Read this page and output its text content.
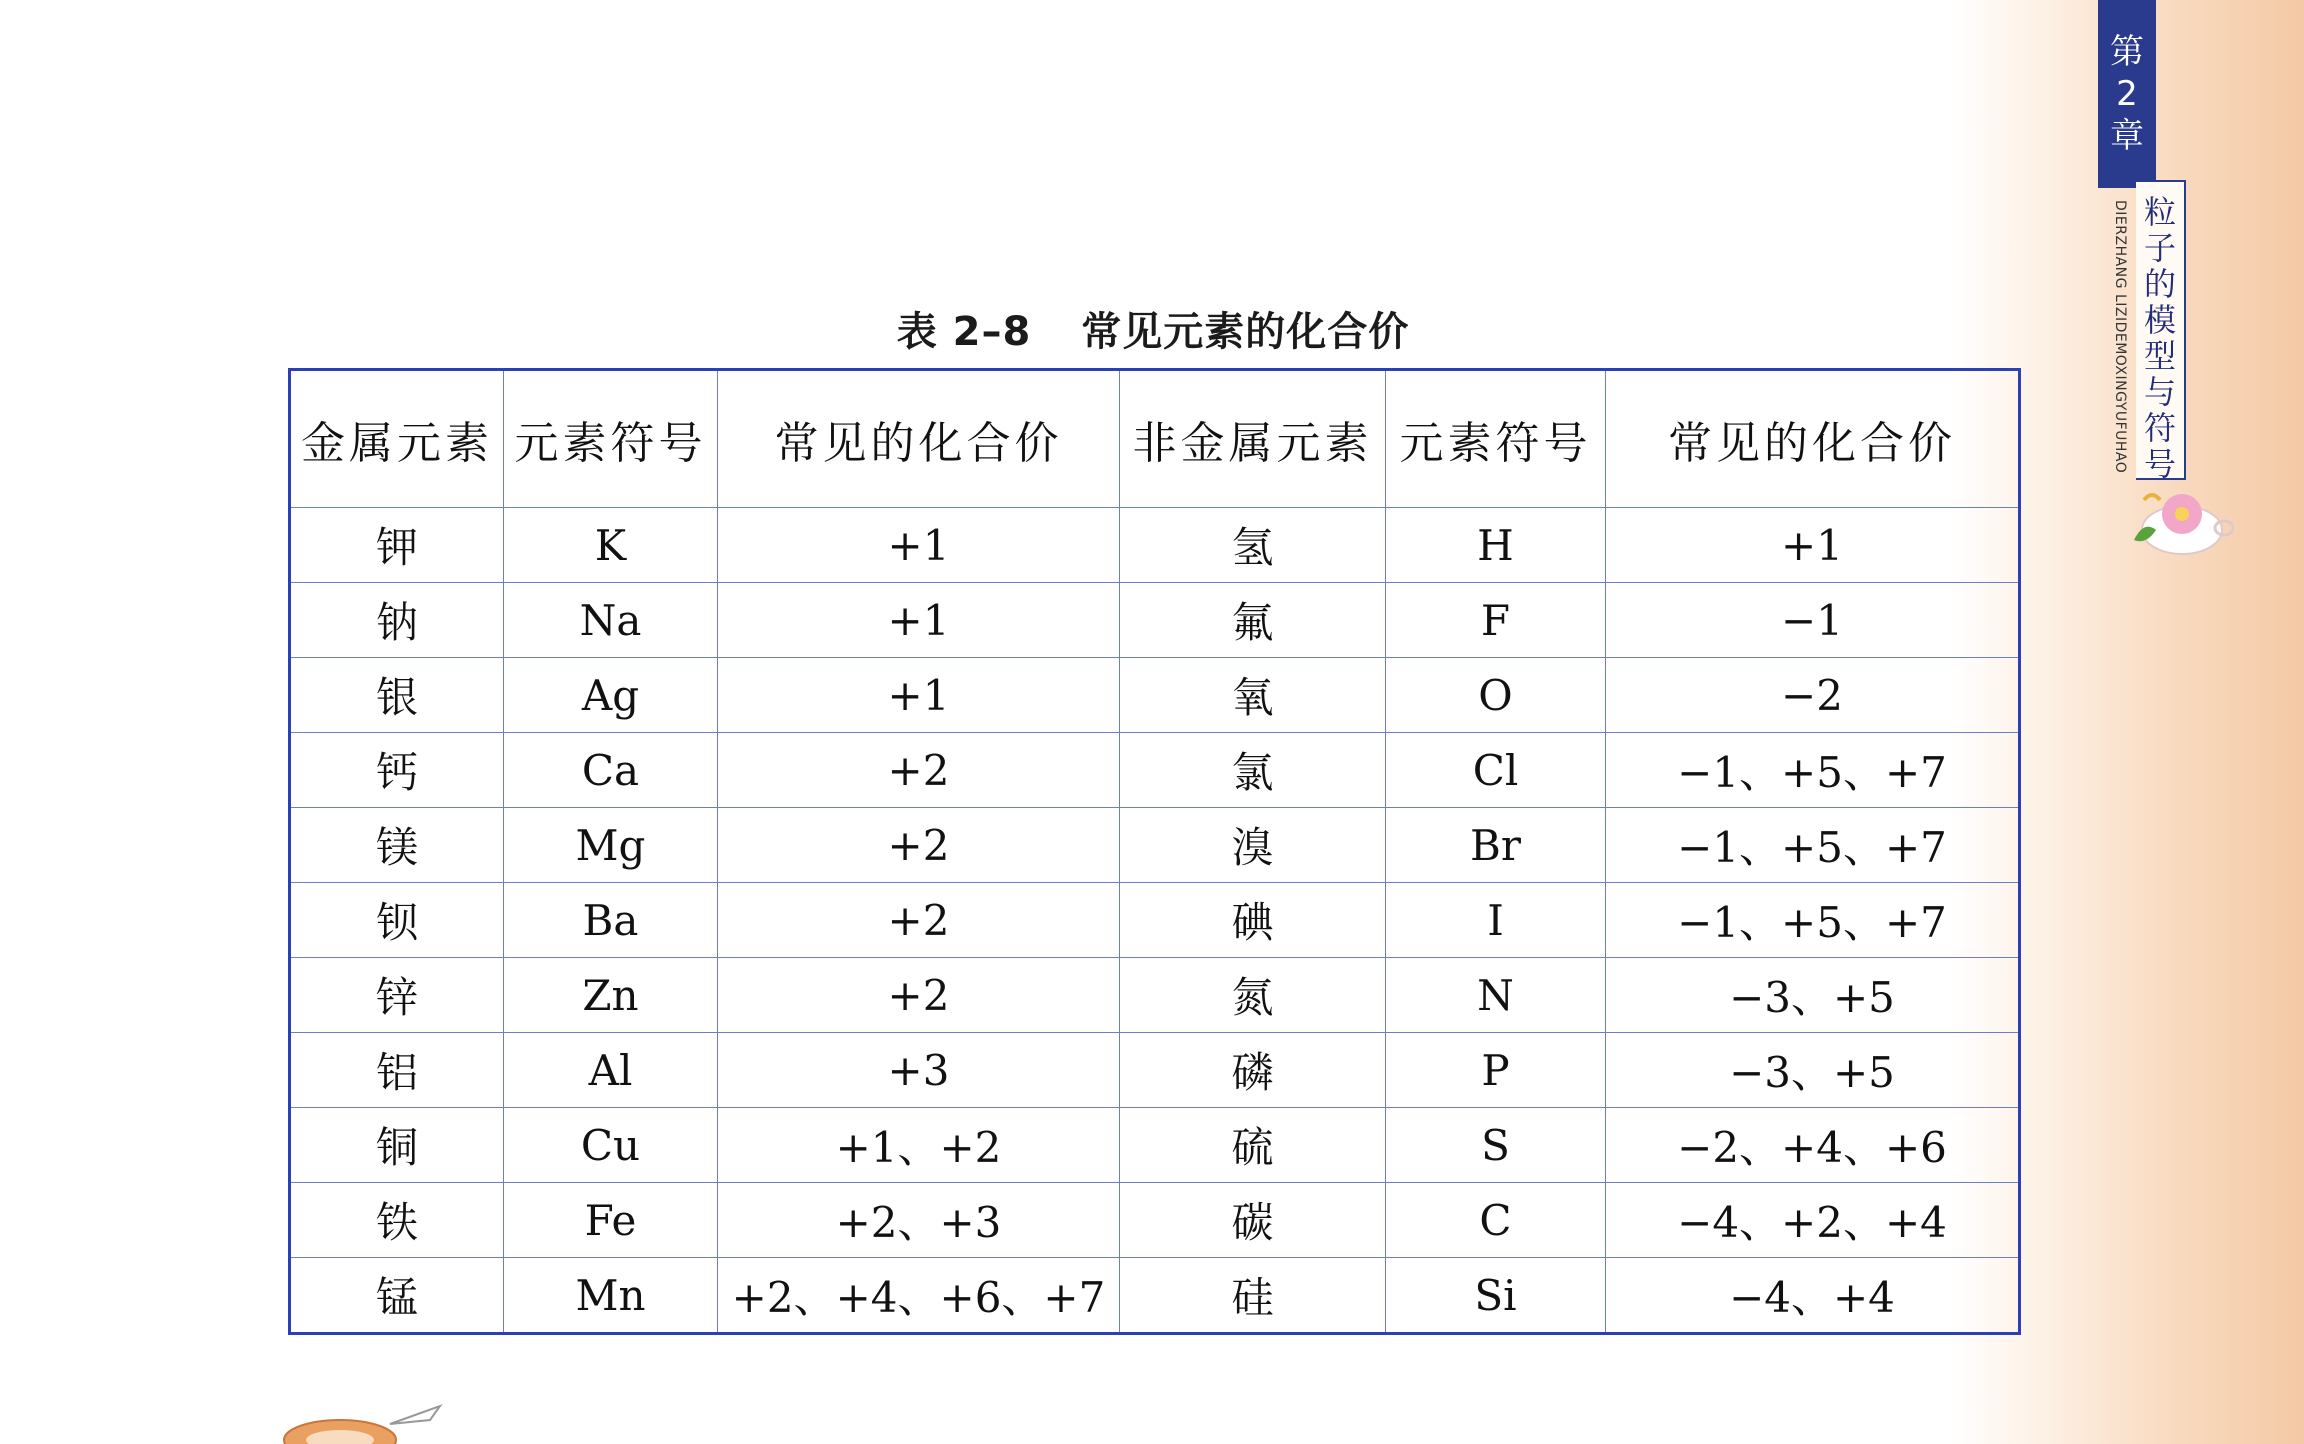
第
2
章
DIERZHANG LIZIDEMOXINGYUFUHAO 粒
子
的
模
型
与
符
号
表 2–8 常见元素的化合价
金属元素	元素符号	常见的化合价	非金属元素	元素符号	常见的化合价
钾	K	+1	氢	H	+1
钠	Na	+1	氟	F	−1
银	Ag	+1	氧	O	−2
钙	Ca	+2	氯	Cl	−1、+5、+7
镁	Mg	+2	溴	Br	−1、+5、+7
钡	Ba	+2	碘	I	−1、+5、+7
锌	Zn	+2	氮	N	−3、+5
铝	Al	+3	磷	P	−3、+5
铜	Cu	+1、+2	硫	S	−2、+4、+6
铁	Fe	+2、+3	碳	C	−4、+2、+4
锰	Mn	+2、+4、+6、+7	硅	Si	−4、+4
